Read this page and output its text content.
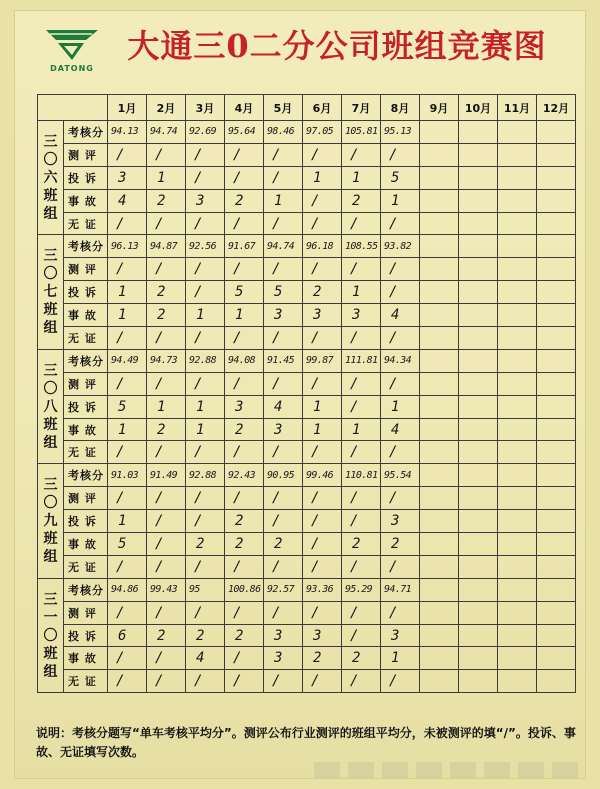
DATONG
大通三0二分公司班组竞赛图
		1月	2月	3月	4月	5月	6月	7月	8月	9月	10月	11月	12月
三〇六班组	考核分	94.13	94.74	92.69	95.64	98.46	97.05	105.81	95.13				
	测 评	/	/	/	/	/	/	/	/				
	投 诉	3	1	/	/	/	1	1	5				
	事 故	4	2	3	2	1	/	2	1				
	无 证	/	/	/	/	/	/	/	/				
三〇七班组	考核分	96.13	94.87	92.56	91.67	94.74	96.18	108.55	93.82				
	测 评	/	/	/	/	/	/	/	/				
	投 诉	1	2	/	5	5	2	1	/				
	事 故	1	2	1	1	3	3	3	4				
	无 证	/	/	/	/	/	/	/	/				
三〇八班组	考核分	94.49	94.73	92.88	94.08	91.45	99.87	111.81	94.34				
	测 评	/	/	/	/	/	/	/	/				
	投 诉	5	1	1	3	4	1	/	1				
	事 故	1	2	1	2	3	1	1	4				
	无 证	/	/	/	/	/	/	/	/				
三〇九班组	考核分	91.03	91.49	92.88	92.43	90.95	99.46	110.81	95.54				
	测 评	/	/	/	/	/	/	/	/				
	投 诉	1	/	/	2	/	/	/	3				
	事 故	5	/	2	2	2	/	2	2				
	无 证	/	/	/	/	/	/	/	/				
三一〇班组	考核分	94.86	99.43	95	100.86	92.57	93.36	95.29	94.71				
	测 评	/	/	/	/	/	/	/	/				
	投 诉	6	2	2	2	3	3	/	3				
	事 故	/	/	4	/	3	2	2	1				
	无 证	/	/	/	/	/	/	/	/				
说明：考核分题写“单车考核平均分”。测评公布行业测评的班组平均分，未被测评的填“/”。投诉、事故、无证填写次数。
